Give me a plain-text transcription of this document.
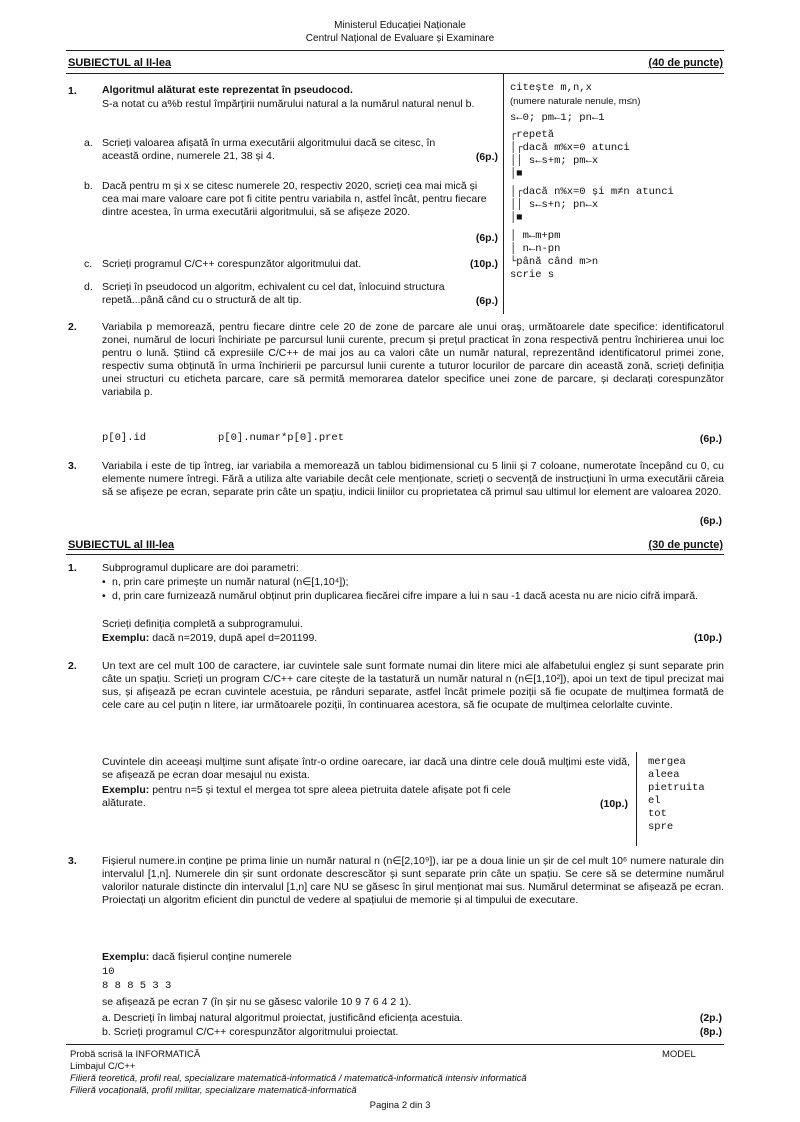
Ministerul Educației Naționale
Centrul Național de Evaluare și Examinare
SUBIECTUL al II-lea	(40 de puncte)
1. Algoritmul alăturat este reprezentat în pseudocod.
S-a notat cu a%b restul împărțirii numărului natural a la numărul natural nenul b.
a. Scrieți valoarea afișată în urma executării algoritmului dacă se citesc, în această ordine, numerele 21, 38 și 4.	(6p.)
b. Dacă pentru m și x se citesc numerele 20, respectiv 2020, scrieți cea mai mică și cea mai mare valoare care pot fi citite pentru variabila n, astfel încât, pentru fiecare dintre acestea, în urma executării algoritmului, să se afișeze 2020.
(6p.)
c. Scrieți programul C/C++ corespunzător algoritmului dat.	(10p.)
d. Scrieți în pseudocod un algoritm, echivalent cu cel dat, înlocuind structura repetă...până când cu o structură de alt tip.	(6p.)
citește m,n,x
(numere naturale nenule, m≤n)
s←0; pm←1; pn←1
┌repetă
│┌dacă m%x=0 atunci
││ s←s+m; pm←x
│■
│┌dacă n%x=0 și m≠n atunci
││ s←s+n; pn←x
│■
│ m←m+pm
│ n←n-pn
└până când m>n
scrie s
2. Variabila p memorează, pentru fiecare dintre cele 20 de zone de parcare ale unui oraș, următoarele date specifice: identificatorul zonei, numărul de locuri închiriate pe parcursul lunii curente, precum și prețul practicat în zona respectivă pentru închirierea unui loc pentru o lună. Știind că expresiile C/C++ de mai jos au ca valori câte un număr natural, reprezentând identificatorul primei zone, respectiv suma obținută în urma închirierii pe parcursul lunii curente a tuturor locurilor de parcare din această zonă, scrieți definiția unei structuri cu eticheta parcare, care să permită memorarea datelor specifice unei zone de parcare, și declarați corespunzător variabila p.
p[0].id	p[0].numar*p[0].pret	(6p.)
3. Variabila i este de tip întreg, iar variabila a memorează un tablou bidimensional cu 5 linii și 7 coloane, numerotate începând cu 0, cu elemente numere întregi. Fără a utiliza alte variabile decât cele menționate, scrieți o secvență de instrucțiuni în urma executării căreia să se afișeze pe ecran, separate prin câte un spațiu, indicii liniilor cu proprietatea că primul sau ultimul lor element are valoarea 2020.
(6p.)
SUBIECTUL al III-lea	(30 de puncte)
1. Subprogramul duplicare are doi parametri:
• n, prin care primește un număr natural (n∈[1,10⁴]);
• d, prin care furnizează numărul obținut prin duplicarea fiecărei cifre impare a lui n sau -1 dacă acesta nu are nicio cifră impară.
Scrieți definiția completă a subprogramului.
Exemplu: dacă n=2019, după apel d=201199.	(10p.)
2. Un text are cel mult 100 de caractere, iar cuvintele sale sunt formate numai din litere mici ale alfabetului englez și sunt separate prin câte un spațiu. Scrieți un program C/C++ care citește de la tastatură un număr natural n (n∈[1,10²]), apoi un text de tipul precizat mai sus, și afișează pe ecran cuvintele acestuia, pe rânduri separate, astfel încât primele poziții să fie ocupate de mulțimea formată de cele care au cel puțin n litere, iar următoarele poziții, în continuarea acestora, să fie ocupate de mulțimea celorlalte cuvinte.
Cuvintele din aceeași mulțime sunt afișate într-o ordine oarecare, iar dacă una dintre cele două mulțimi este vidă, se afișează pe ecran doar mesajul nu exista.
Exemplu: pentru n=5 și textul el mergea tot spre aleea pietruita datele afișate pot fi cele alăturate.	(10p.)
mergea
aleea
pietruita
el
tot
spre
3. Fișierul numere.in conține pe prima linie un număr natural n (n∈[2,10⁹]), iar pe a doua linie un șir de cel mult 10⁶ numere naturale din intervalul [1,n]. Numerele din șir sunt ordonate descrescător și sunt separate prin câte un spațiu. Se cere să se determine numărul valorilor naturale distincte din intervalul [1,n] care NU se găsesc în șirul menționat mai sus. Numărul determinat se afișează pe ecran. Proiectați un algoritm eficient din punctul de vedere al spațiului de memorie și al timpului de executare.
Exemplu: dacă fișierul conține numerele
10
8 8 8 5 3 3
se afișează pe ecran 7 (în șir nu se găsesc valorile 10 9 7 6 4 2 1).
a. Descrieți în limbaj natural algoritmul proiectat, justificând eficiența acestuia.	(2p.)
b. Scrieți programul C/C++ corespunzător algoritmului proiectat.	(8p.)
Probă scrisă la INFORMATICĂ	MODEL
Limbajul C/C++
Filieră teoretică, profil real, specializare matematică-informatică / matematică-informatică intensiv informatică
Filieră vocațională, profil militar, specializare matematică-informatică
Pagina 2 din 3
